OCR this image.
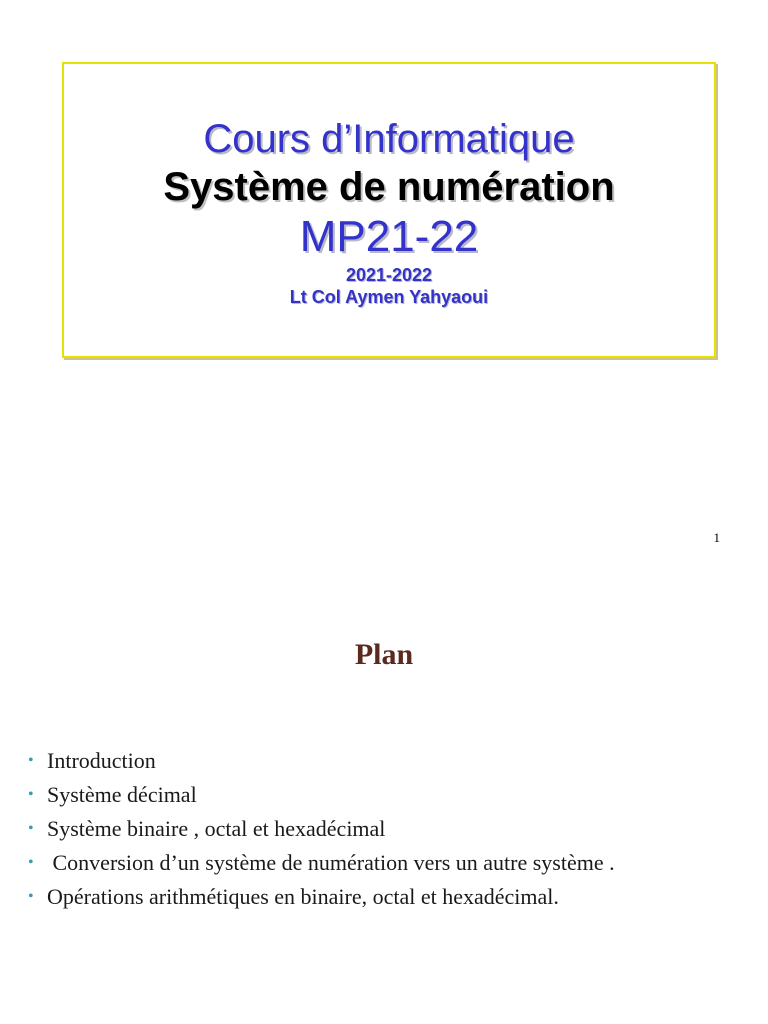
Cours d’Informatique
Système de numération
MP21-22
2021-2022
Lt Col Aymen Yahyaoui
1
Plan
• Introduction
• Système décimal
• Système binaire , octal et hexadécimal
• Conversion d’un système de numération vers un autre système .
• Opérations arithmétiques en binaire, octal et hexadécimal.
